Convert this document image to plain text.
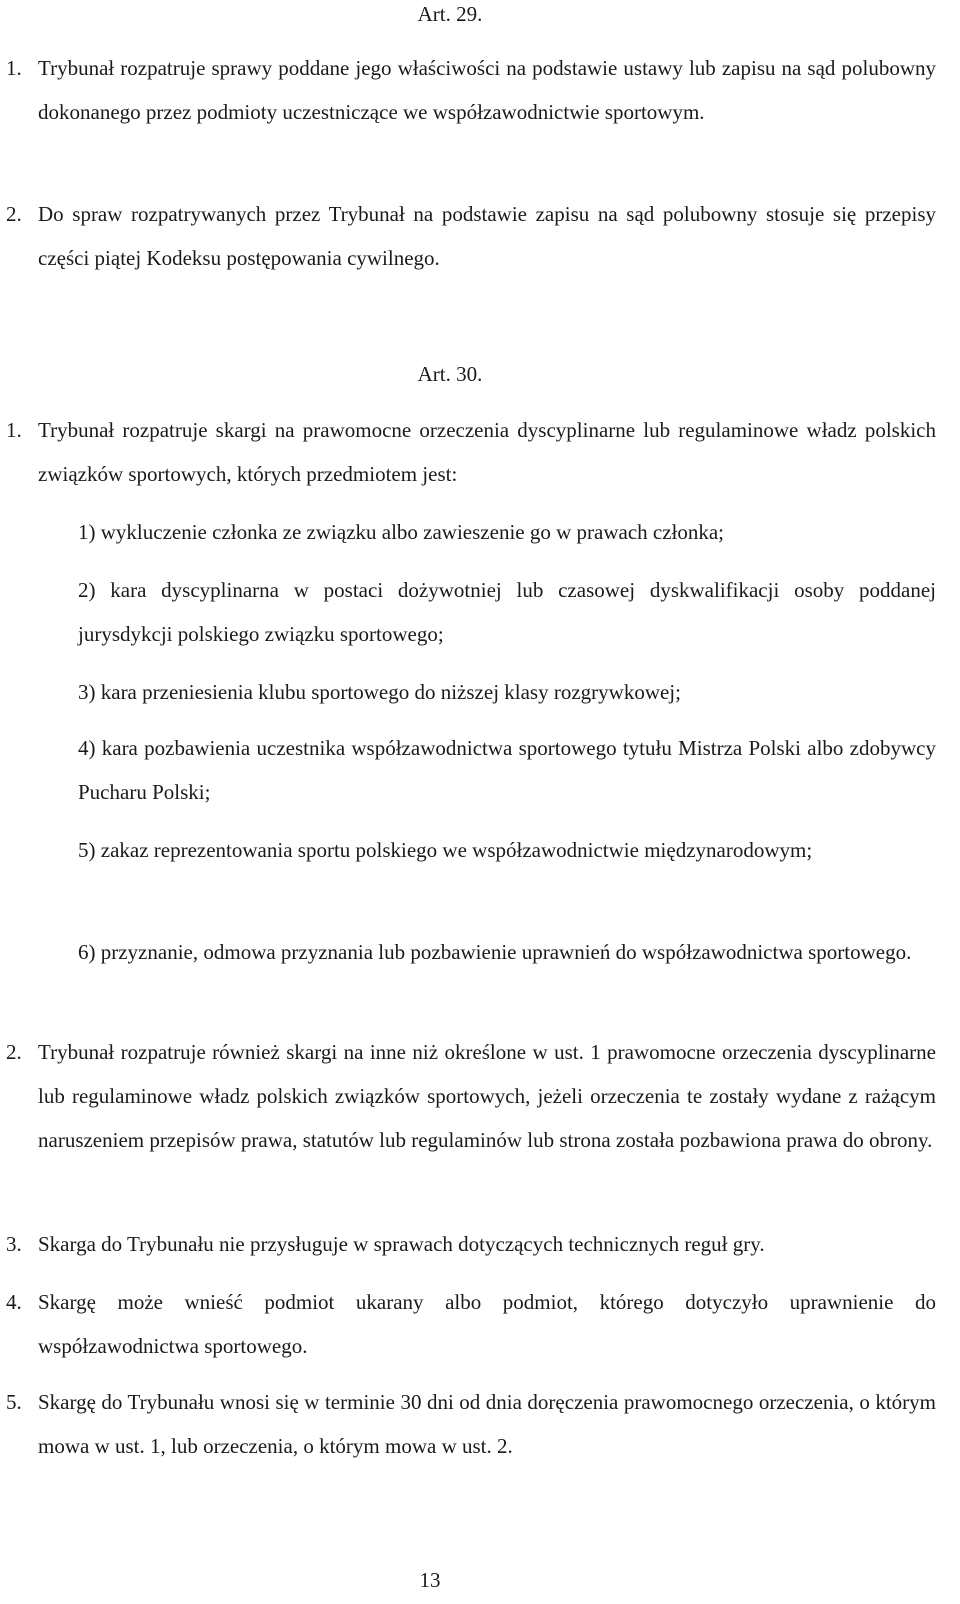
Art. 29.
1. Trybunał rozpatruje sprawy poddane jego właściwości na podstawie ustawy lub zapisu na sąd polubowny dokonanego przez podmioty uczestniczące we współzawodnictwie sportowym.
2. Do spraw rozpatrywanych przez Trybunał na podstawie zapisu na sąd polubowny stosuje się przepisy części piątej Kodeksu postępowania cywilnego.
Art. 30.
1. Trybunał rozpatruje skargi na prawomocne orzeczenia dyscyplinarne lub regulaminowe władz polskich związków sportowych, których przedmiotem jest:
1) wykluczenie członka ze związku albo zawieszenie go w prawach członka;
2) kara dyscyplinarna w postaci dożywotniej lub czasowej dyskwalifikacji osoby poddanej jurysdykcji polskiego związku sportowego;
3) kara przeniesienia klubu sportowego do niższej klasy rozgrywkowej;
4) kara pozbawienia uczestnika współzawodnictwa sportowego tytułu Mistrza Polski albo zdobywcy Pucharu Polski;
5) zakaz reprezentowania sportu polskiego we współzawodnictwie międzynarodowym;
6) przyznanie, odmowa przyznania lub pozbawienie uprawnień do współzawodnictwa sportowego.
2. Trybunał rozpatruje również skargi na inne niż określone w ust. 1 prawomocne orzeczenia dyscyplinarne lub regulaminowe władz polskich związków sportowych, jeżeli orzeczenia te zostały wydane z rażącym naruszeniem przepisów prawa, statutów lub regulaminów lub strona została pozbawiona prawa do obrony.
3. Skarga do Trybunału nie przysługuje w sprawach dotyczących technicznych reguł gry.
4. Skargę może wnieść podmiot ukarany albo podmiot, którego dotyczyło uprawnienie do współzawodnictwa sportowego.
5. Skargę do Trybunału wnosi się w terminie 30 dni od dnia doręczenia prawomocnego orzeczenia, o którym mowa w ust. 1, lub orzeczenia, o którym mowa w ust. 2.
13
